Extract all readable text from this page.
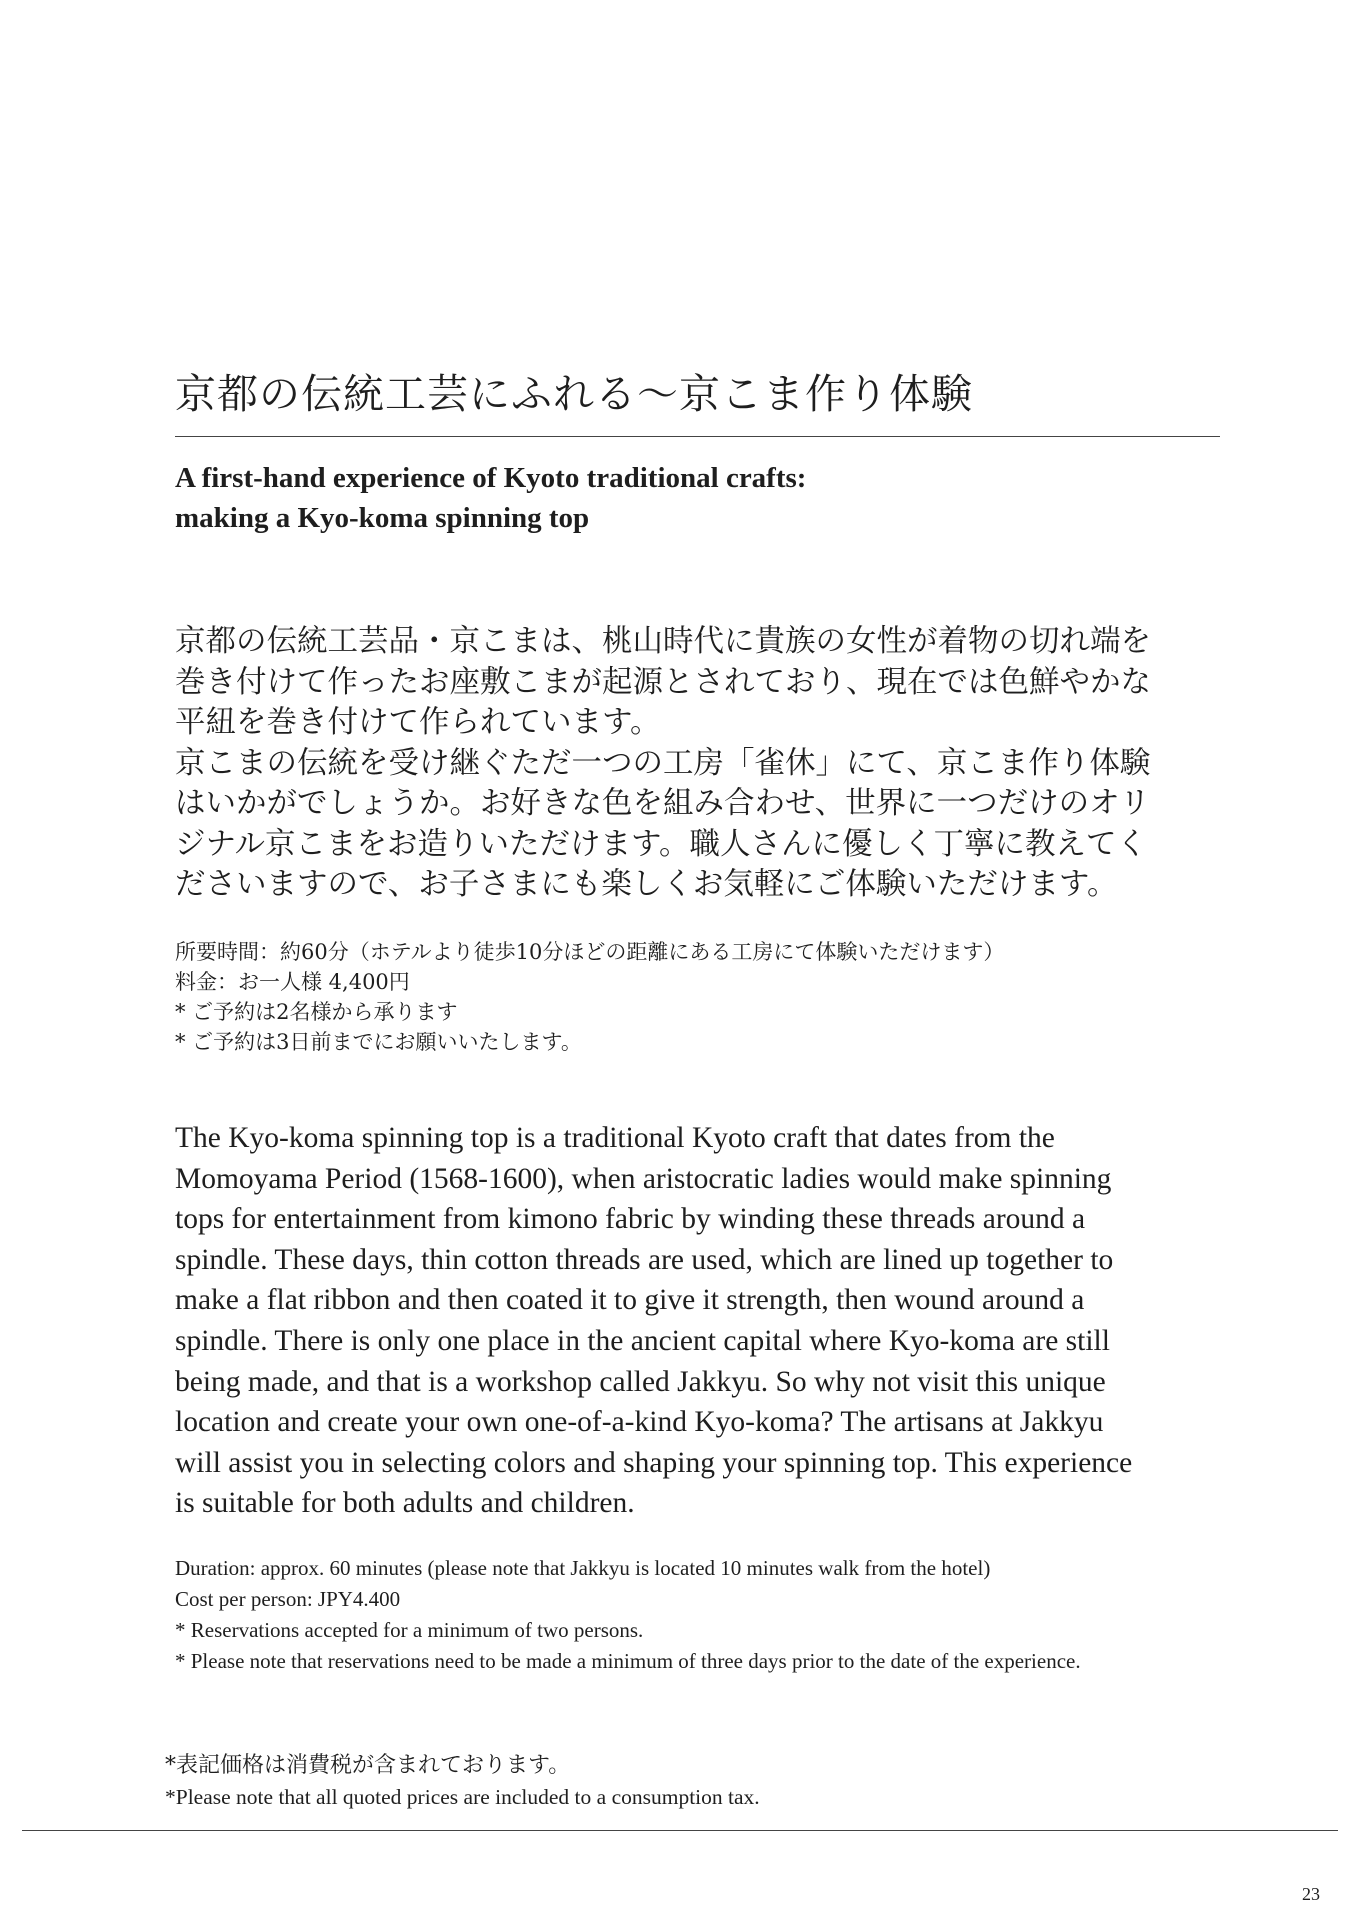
京都の伝統工芸にふれる〜京こま作り体験
A first-hand experience of Kyoto traditional crafts:
making a Kyo-koma spinning top

京都の伝統工芸品・京こまは、桃山時代に貴族の女性が着物の切れ端を
巻き付けて作ったお座敷こまが起源とされており、現在では色鮮やかな
平紐を巻き付けて作られています。
京こまの伝統を受け継ぐただ一つの工房「雀休」にて、京こま作り体験
はいかがでしょうか。お好きな色を組み合わせ、世界に一つだけのオリ
ジナル京こまをお造りいただけます。職人さんに優しく丁寧に教えてく
ださいますので、お子さまにも楽しくお気軽にご体験いただけます。

所要時間：約60分（ホテルより徒歩10分ほどの距離にある工房にて体験いただけます）
料金：お一人様 4,400円
* ご予約は2名様から承ります
* ご予約は3日前までにお願いいたします。

The Kyo-koma spinning top is a traditional Kyoto craft that dates from the
Momoyama Period (1568-1600), when aristocratic ladies would make spinning
tops for entertainment from kimono fabric by winding these threads around a
spindle. These days, thin cotton threads are used, which are lined up together to
make a flat ribbon and then coated it to give it strength, then wound around a
spindle. There is only one place in the ancient capital where Kyo-koma are still
being made, and that is a workshop called Jakkyu. So why not visit this unique
location and create your own one-of-a-kind Kyo-koma? The artisans at Jakkyu
will assist you in selecting colors and shaping your spinning top. This experience
is suitable for both adults and children.

Duration: approx. 60 minutes (please note that Jakkyu is located 10 minutes walk from the hotel)
Cost per person: JPY4.400
* Reservations accepted for a minimum of two persons.
* Please note that reservations need to be made a minimum of three days prior to the date of the experience.

*表記価格は消費税が含まれております。
*Please note that all quoted prices are included to a consumption tax.

23
